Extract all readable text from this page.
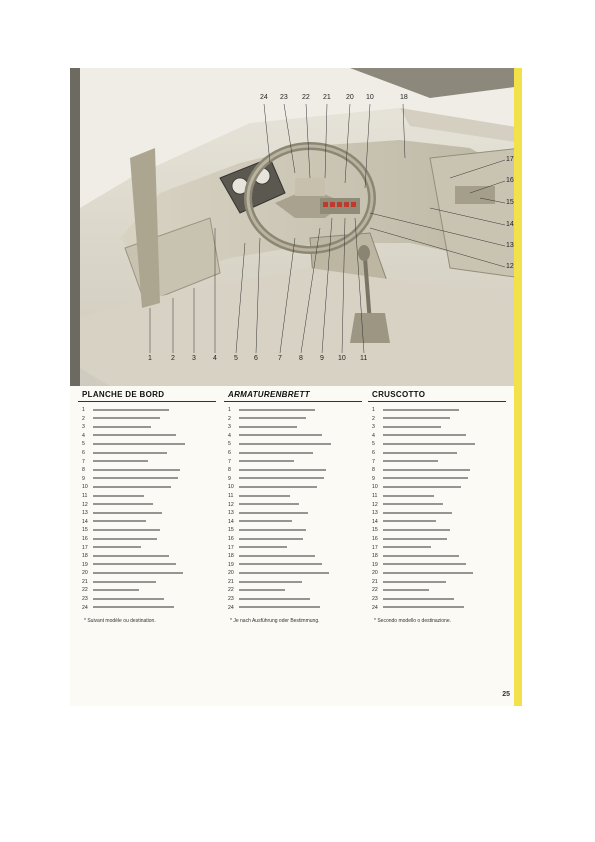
24 23 22 21 20 10	18
17
16
15
14
13
12
1	2 3 4 5 6	7 8 9 10 11
PLANCHE DE BORD
1
2
3
4
5
6
7
8
9
10
11
12
13
14
15
16
17
18
19
20
21
22
23
24
* Suivant modèle ou destination.
ARMATURENBRETT
1
2
3
4
5
6
7
8
9
10
11
12
13
14
15
16
17
18
19
20
21
22
23
24
* Je nach Ausführung oder Bestimmung.
CRUSCOTTO
1
2
3
4
5
6
7
8
9
10
11
12
13
14
15
16
17
18
19
20
21
22
23
24
* Secondo modello o destinazione.
25
